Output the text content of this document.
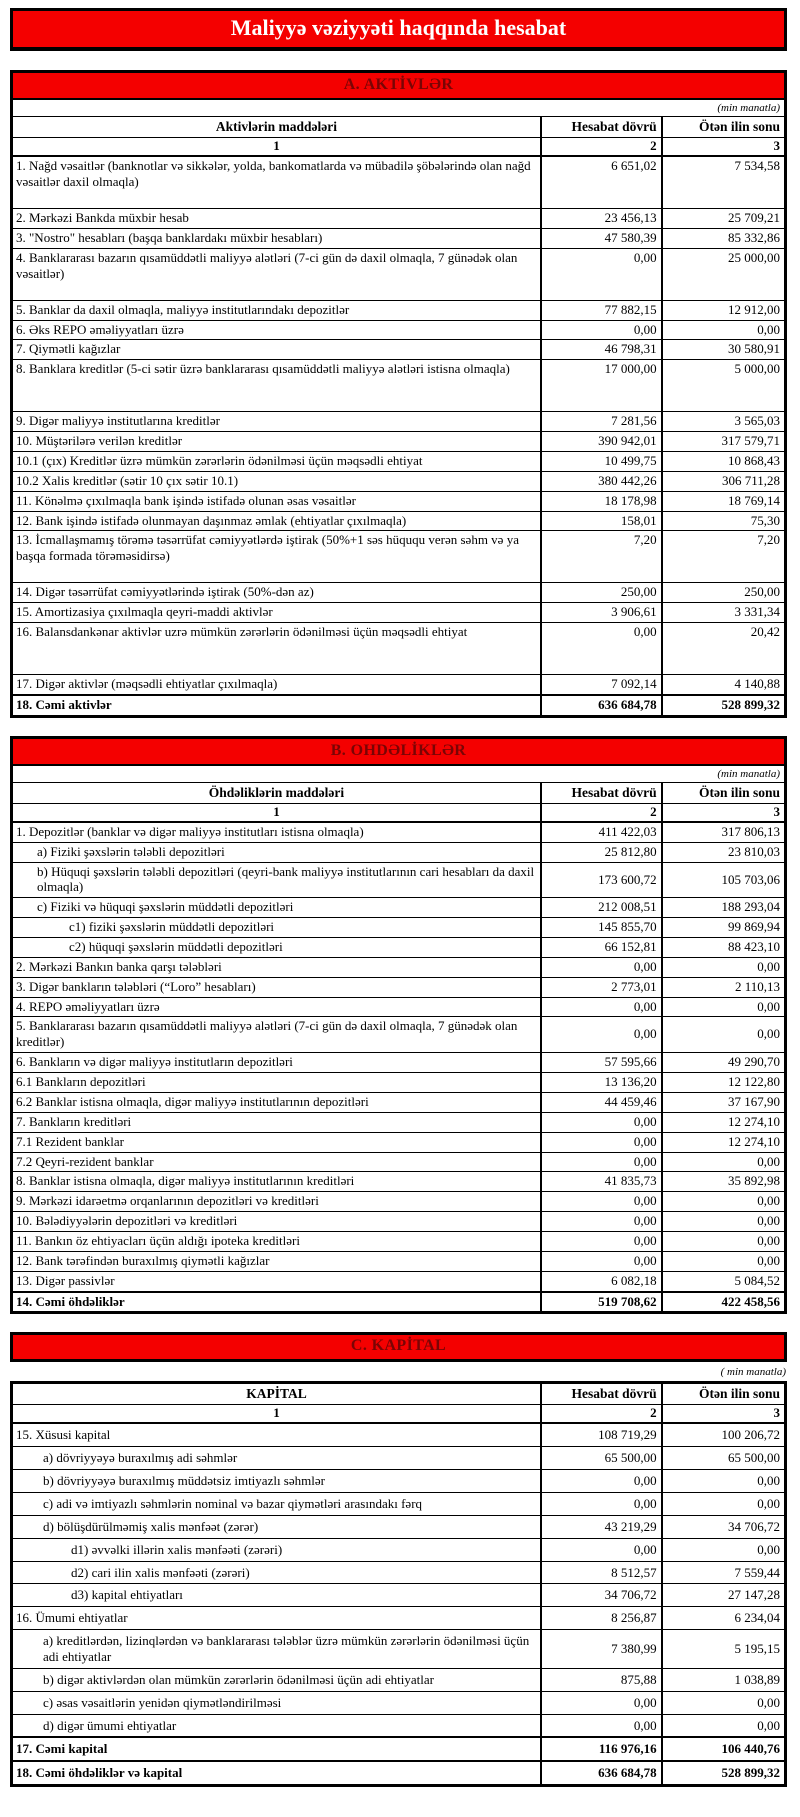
Maliyyə vəziyyəti haqqında hesabat
A. AKTİVLƏR		
(min manatla)		
Aktivlərin maddələri	Hesabat dövrü	Ötən ilin sonu
1	2	3
1. Nağd vəsaitlər (banknotlar və sikkələr, yolda, bankomatlarda və mübadilə şöbələrində olan nağd vəsaitlər daxil olmaqla)	6 651,02	7 534,58
2. Mərkəzi Bankda müxbir hesab	23 456,13	25 709,21
3. "Nostro" hesabları (başqa banklardakı müxbir hesabları)	47 580,39	85 332,86
4. Banklararası bazarın qısamüddətli maliyyə alətləri (7-ci gün də daxil olmaqla, 7 günədək olan vəsaitlər)	0,00	25 000,00
5. Banklar da daxil olmaqla, maliyyə institutlarındakı depozitlər	77 882,15	12 912,00
6. Əks REPO əməliyyatları üzrə	0,00	0,00
7. Qiymətli kağızlar	46 798,31	30 580,91
8. Banklara kreditlər (5-ci sətir üzrə banklararası qısamüddətli maliyyə alətləri istisna olmaqla)	17 000,00	5 000,00
9. Digər maliyyə institutlarına kreditlər	7 281,56	3 565,03
10. Müştərilərə verilən kreditlər	390 942,01	317 579,71
10.1 (çıx) Kreditlər üzrə mümkün zərərlərin ödənilməsi üçün məqsədli ehtiyat	10 499,75	10 868,43
10.2 Xalis kreditlər (sətir 10 çıx sətir 10.1)	380 442,26	306 711,28
11. Könəlmə çıxılmaqla bank işində istifadə olunan əsas vəsaitlər	18 178,98	18 769,14
12. Bank işində istifadə olunmayan daşınmaz əmlak (ehtiyatlar çıxılmaqla)	158,01	75,30
13. İcmallaşmamış törəmə təsərrüfat cəmiyyətlərdə iştirak (50%+1 səs hüququ verən səhm və ya başqa formada törəməsidirsə)	7,20	7,20
14. Digər təsərrüfat cəmiyyətlərində iştirak (50%-dən az)	250,00	250,00
15. Amortizasiya çıxılmaqla qeyri-maddi aktivlər	3 906,61	3 331,34
16. Balansdankənar aktivlər uzrə mümkün zərərlərin ödənilməsi üçün məqsədli ehtiyat	0,00	20,42
17. Digər aktivlər (məqsədli ehtiyatlar çıxılmaqla)	7 092,14	4 140,88
18. Cəmi aktivlər	636 684,78	528 899,32
B. OHDƏLİKLƏR		
(min manatla)		
Öhdəliklərin maddələri	Hesabat dövrü	Ötən ilin sonu
1	2	3
1. Depozitlər (banklar və digər maliyyə institutları istisna olmaqla)	411 422,03	317 806,13
a) Fiziki şəxslərin tələbli depozitləri	25 812,80	23 810,03
b) Hüquqi şəxslərin tələbli depozitləri (qeyri-bank maliyyə institutlarının cari hesabları da daxil olmaqla)	173 600,72	105 703,06
c) Fiziki və hüquqi şəxslərin müddətli depozitləri	212 008,51	188 293,04
c1) fiziki şəxslərin müddətli depozitləri	145 855,70	99 869,94
c2) hüquqi şəxslərin müddətli depozitləri	66 152,81	88 423,10
2. Mərkəzi Bankın banka qarşı tələbləri	0,00	0,00
3. Digər bankların tələbləri (“Loro” hesabları)	2 773,01	2 110,13
4. REPO əməliyyatları üzrə	0,00	0,00
5. Banklararası bazarın qısamüddətli maliyyə alətləri (7-ci gün də daxil olmaqla, 7 günədək olan kreditlər)	0,00	0,00
6. Bankların və digər maliyyə institutların depozitləri	57 595,66	49 290,70
6.1 Bankların depozitləri	13 136,20	12 122,80
6.2 Banklar istisna olmaqla, digər maliyyə institutlarının depozitləri	44 459,46	37 167,90
7. Bankların kreditləri	0,00	12 274,10
7.1 Rezident banklar	0,00	12 274,10
7.2 Qeyri-rezident banklar	0,00	0,00
8. Banklar istisna olmaqla, digər maliyyə institutlarının kreditləri	41 835,73	35 892,98
9. Mərkəzi idarəetmə orqanlarının depozitləri və kreditləri	0,00	0,00
10. Bələdiyyələrin depozitləri və kreditləri	0,00	0,00
11. Bankın öz ehtiyacları üçün aldığı ipoteka kreditləri	0,00	0,00
12. Bank tərəfindən buraxılmış qiymətli kağızlar	0,00	0,00
13. Digər passivlər	6 082,18	5 084,52
14. Cəmi öhdəliklər	519 708,62	422 458,56
C. KAPİTAL
( min manatla)
KAPİTAL	Hesabat dövrü	Ötən ilin sonu
1	2	3
15. Xüsusi kapital	108 719,29	100 206,72
a) dövriyyəyə buraxılmış adi səhmlər	65 500,00	65 500,00
b) dövriyyəyə buraxılmış müddətsiz imtiyazlı səhmlər	0,00	0,00
c) adi və imtiyazlı səhmlərin nominal və bazar qiymətləri arasındakı fərq	0,00	0,00
d) bölüşdürülməmiş xalis mənfəət (zərər)	43 219,29	34 706,72
d1) əvvəlki illərin xalis mənfəəti (zərəri)	0,00	0,00
d2) cari ilin xalis mənfəəti (zərəri)	8 512,57	7 559,44
d3) kapital ehtiyatları	34 706,72	27 147,28
16. Ümumi ehtiyatlar	8 256,87	6 234,04
a) kreditlərdən, lizinqlərdən və banklararası tələblər üzrə mümkün zərərlərin ödənilməsi üçün adi ehtiyatlar	7 380,99	5 195,15
b) digər aktivlərdən olan mümkün zərərlərin ödənilməsi üçün adi ehtiyatlar	875,88	1 038,89
c) əsas vəsaitlərin yenidən qiymətləndirilməsi	0,00	0,00
d) digər ümumi ehtiyatlar	0,00	0,00
17. Cəmi kapital	116 976,16	106 440,76
18. Cəmi öhdəliklər və kapital	636 684,78	528 899,32
